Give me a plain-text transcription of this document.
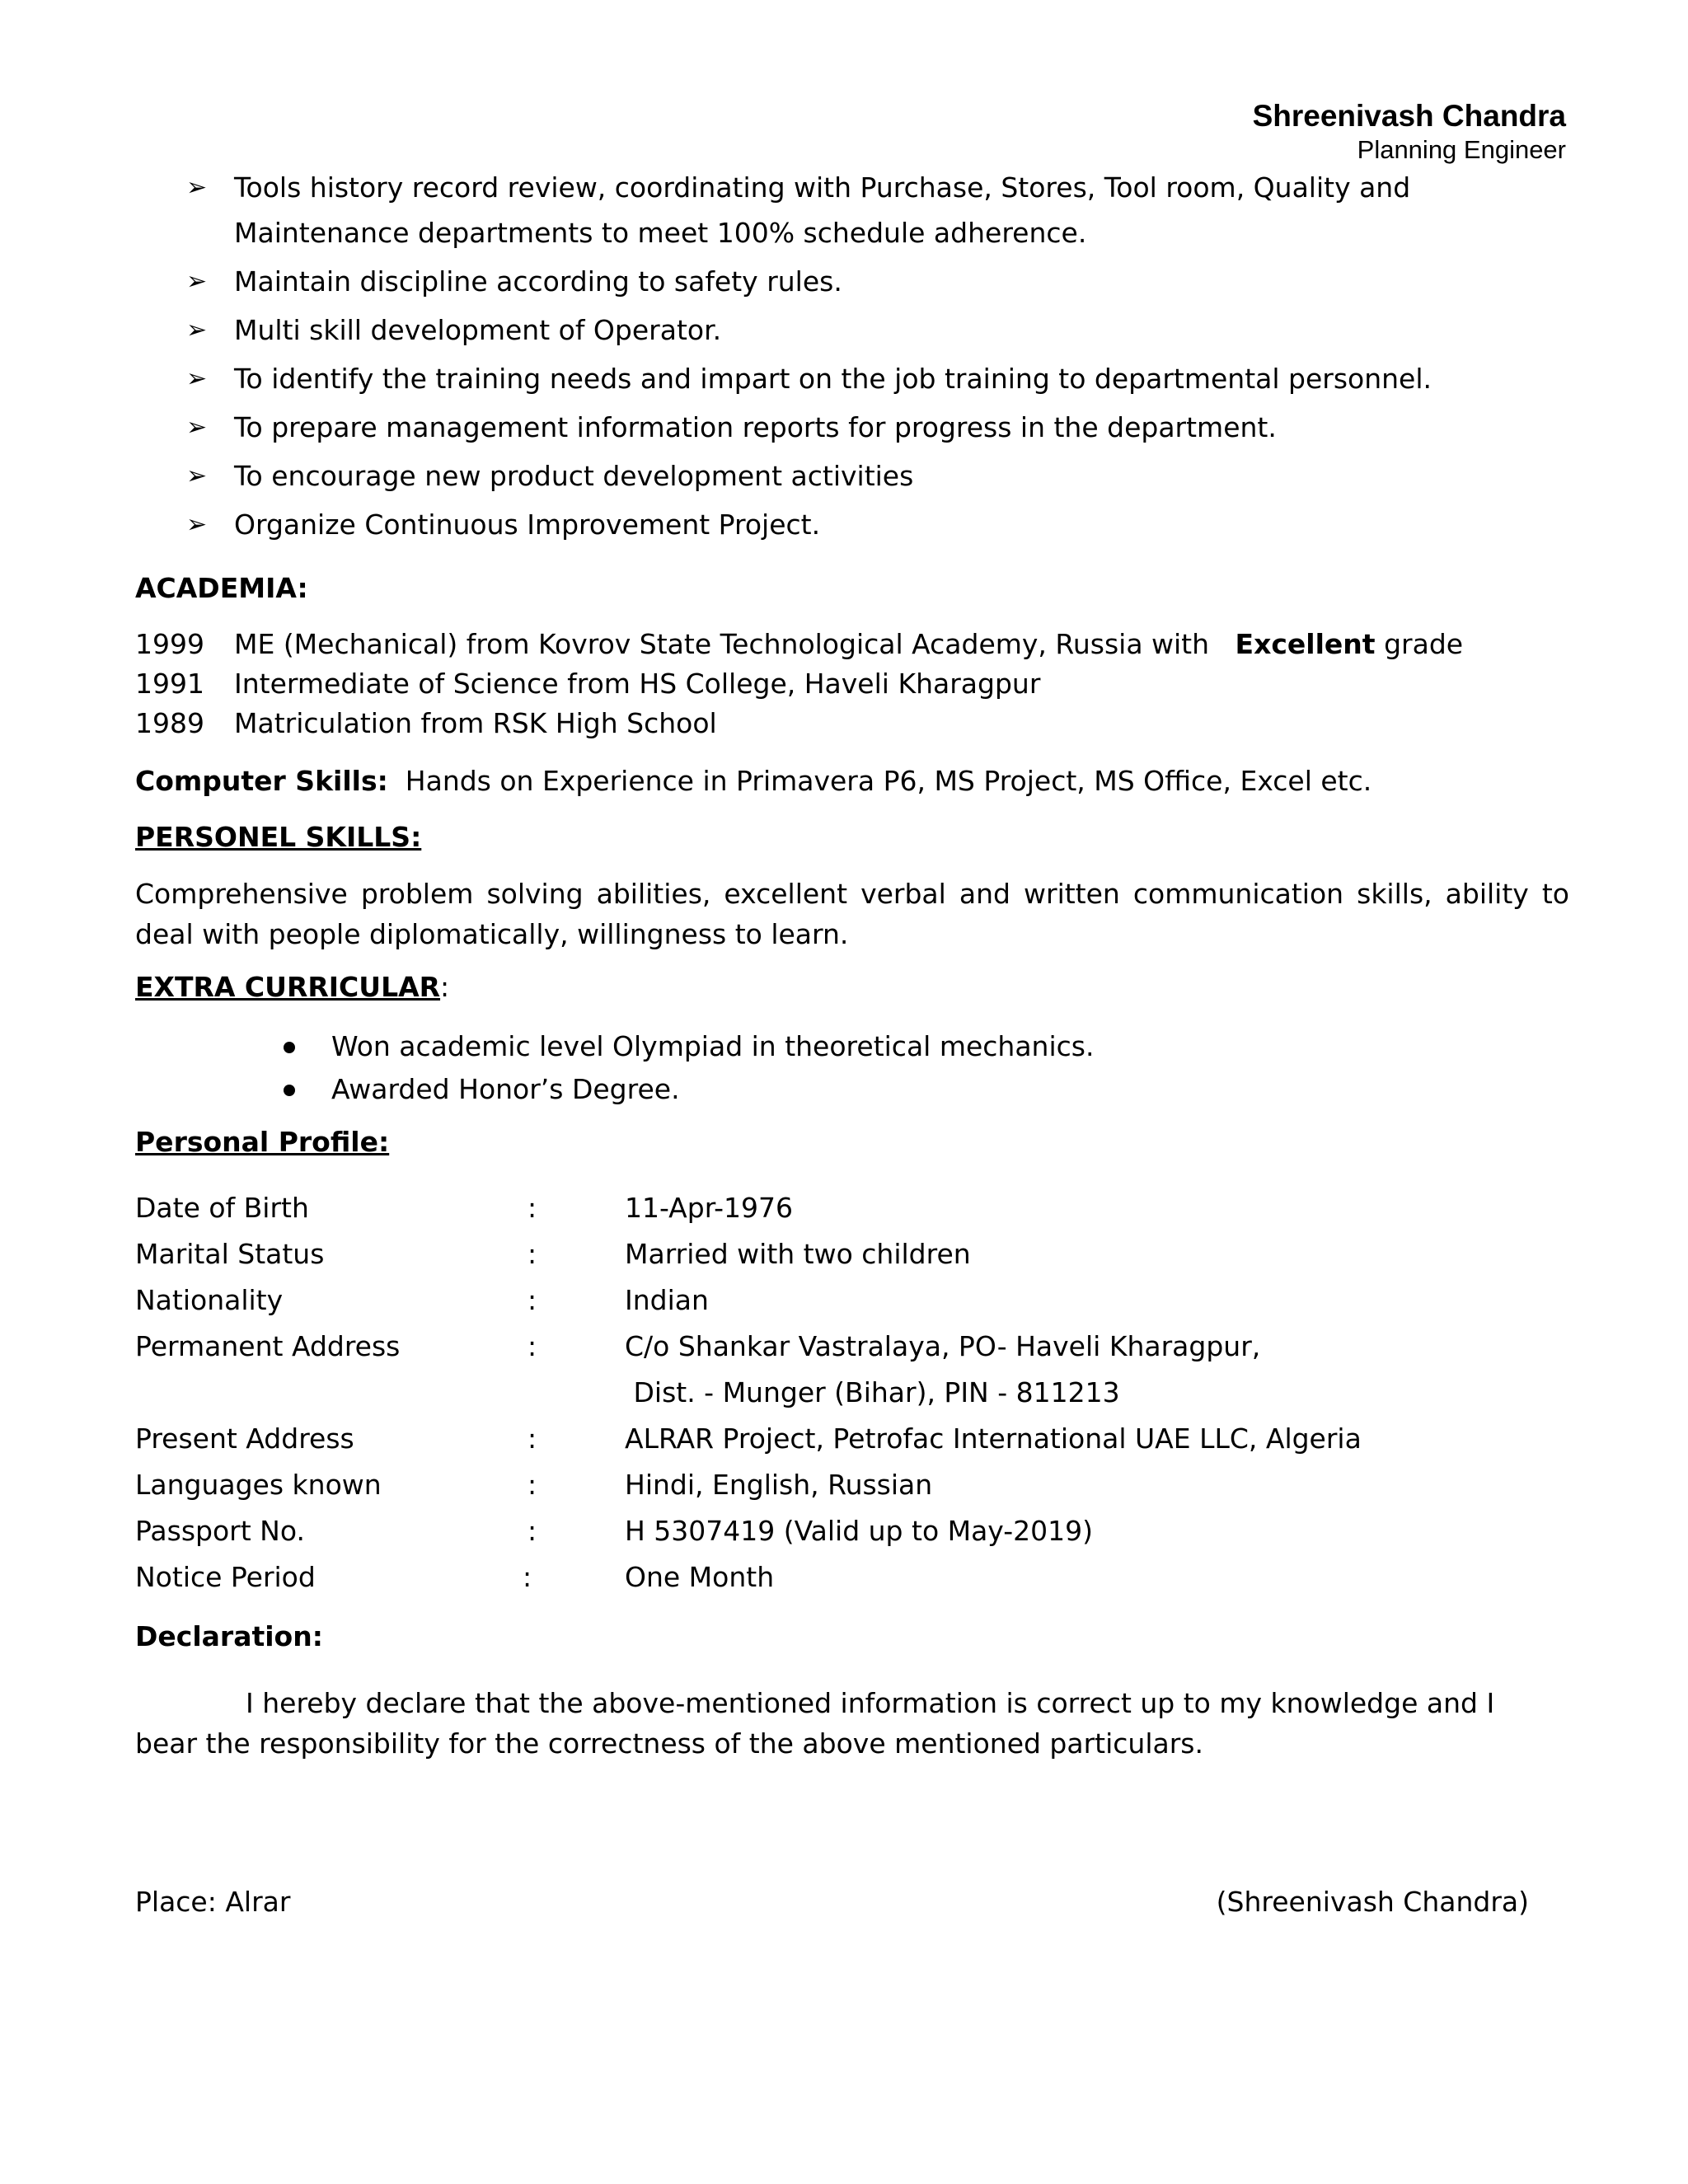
Shreenivash Chandra
Planning Engineer
➢ Tools history record review, coordinating with Purchase, Stores, Tool room, Quality and Maintenance departments to meet 100% schedule adherence.
➢ Maintain discipline according to safety rules.
➢ Multi skill development of Operator.
➢ To identify the training needs and impart on the job training to departmental personnel.
➢ To prepare management information reports for progress in the department.
➢ To encourage new product development activities
➢ Organize Continuous Improvement Project.
ACADEMIA:
1999 ME (Mechanical) from Kovrov State Technological Academy, Russia with Excellent grade
1991 Intermediate of Science from HS College, Haveli Kharagpur
1989 Matriculation from RSK High School
Computer Skills: Hands on Experience in Primavera P6, MS Project, MS Office, Excel etc.
PERSONEL SKILLS:
Comprehensive problem solving abilities, excellent verbal and written communication skills, ability to deal with people diplomatically, willingness to learn.
EXTRA CURRICULAR:
Won academic level Olympiad in theoretical mechanics.
Awarded Honor’s Degree.
Personal Profile:
Date of Birth	:	11-Apr-1976
Marital Status	:	Married with two children
Nationality	:	Indian
Permanent Address	:	C/o Shankar Vastralaya, PO- Haveli Kharagpur,
Dist. - Munger (Bihar), PIN - 811213
Present Address	:	ALRAR Project, Petrofac International UAE LLC, Algeria
Languages known	:	Hindi, English, Russian
Passport No.	:	H 5307419 (Valid up to May-2019)
Notice Period	:	One Month
Declaration:
I hereby declare that the above-mentioned information is correct up to my knowledge and I bear the responsibility for the correctness of the above mentioned particulars.
Place: Alrar	(Shreenivash Chandra)
